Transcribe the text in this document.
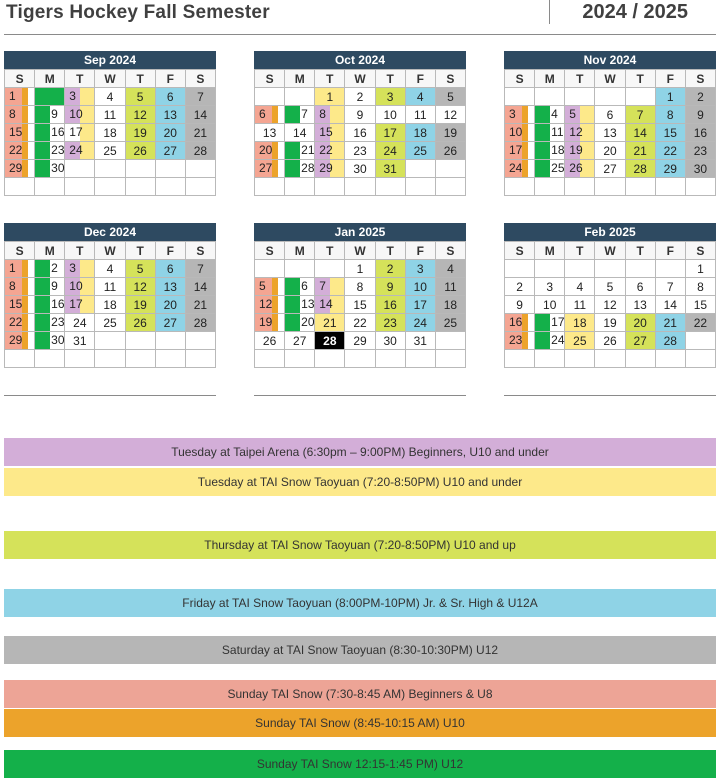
Tigers Hockey Fall Semester	2024 / 2025
Sep 2024
S	M	T	W	T	F	S

1		3	4	5	6	7

8	9	10	11	12	13	14

15	16	17	18	19	20	21

22	23	24	25	26	27	28

29	30					

Oct 2024
S	M	T	W	T	F	S
		1	2	3	4	5

6	7	8	9	10	11	12
13	14	15	16	17	18	19

20	21	22	23	24	25	26

27	28	29	30	31		

Nov 2024
S	M	T	W	T	F	S
					1	2

3	4	5	6	7	8	9

10	11	12	13	14	15	16

17	18	19	20	21	22	23

24	25	26	27	28	29	30

Dec 2024
S	M	T	W	T	F	S

1	2	3	4	5	6	7

8	9	10	11	12	13	14

15	16	17	18	19	20	21

22	23	24	25	26	27	28

29	30	31				

Jan 2025
S	M	T	W	T	F	S
			1	2	3	4

5	6	7	8	9	10	11

12	13	14	15	16	17	18

19	20	21	22	23	24	25
26	27	28	29	30	31	

Feb 2025
S	M	T	W	T	F	S
						1
2	3	4	5	6	7	8
9	10	11	12	13	14	15

16	17	18	19	20	21	22

23	24	25	26	27	28	

Tuesday at Taipei Arena (6:30pm – 9:00PM) Beginners, U10 and under
Tuesday at TAI Snow Taoyuan (7:20-8:50PM) U10 and under
Thursday at TAI Snow Taoyuan (7:20-8:50PM) U10 and up
Friday at TAI Snow Taoyuan (8:00PM-10PM) Jr. & Sr. High & U12A
Saturday at TAI Snow Taoyuan (8:30-10:30PM) U12
Sunday TAI Snow (7:30-8:45 AM) Beginners & U8
Sunday TAI Snow (8:45-10:15 AM) U10
Sunday TAI Snow 12:15-1:45 PM) U12
